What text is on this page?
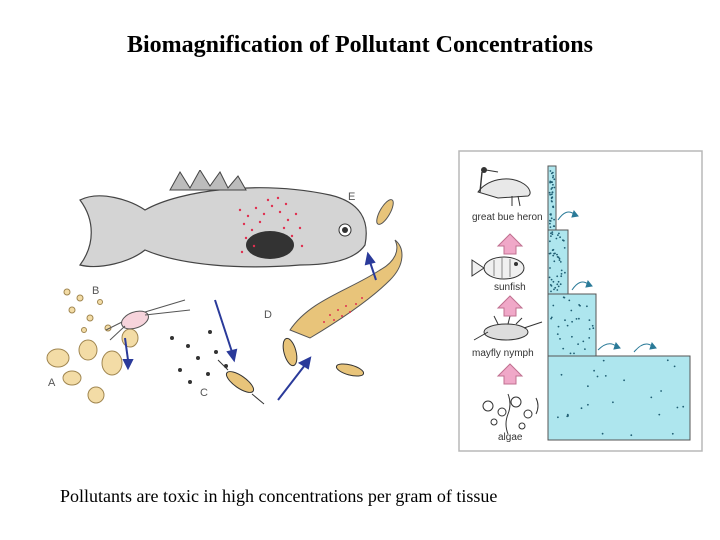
Biomagnification of Pollutant Concentrations
A
B
C
D
E
great bue heron
sunfish
mayfly nymph
algae
Pollutants are toxic in high concentrations per gram of tissue
